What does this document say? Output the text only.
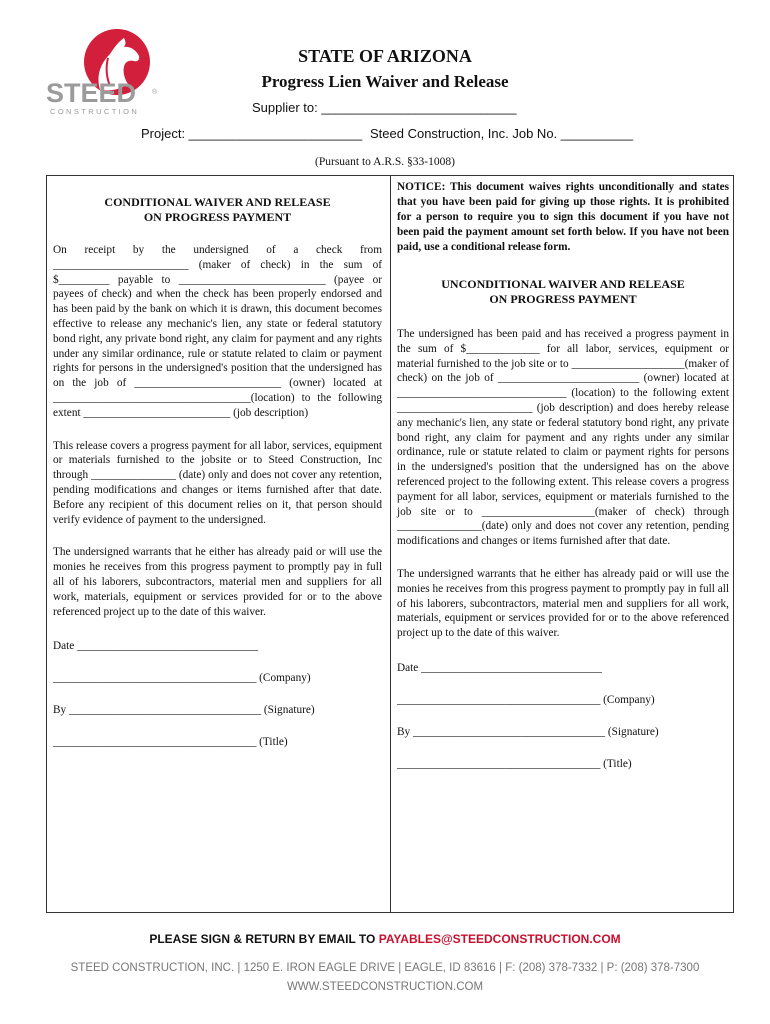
STEED ®
CONSTRUCTION
STATE OF ARIZONA
Progress Lien Waiver and Release
Supplier to: ___________________________
Project: ________________________ Steed Construction, Inc. Job No. __________
(Pursuant to A.R.S. §33-1008)
CONDITIONAL WAIVER AND RELEASE
ON PROGRESS PAYMENT

On receipt by the undersigned of a check from ________________________ (maker of check) in the sum of $_________ payable to __________________________ (payee or payees of check) and when the check has been properly endorsed and has been paid by the bank on which it is drawn, this document becomes effective to release any mechanic's lien, any state or federal statutory bond right, any private bond right, any claim for payment and any rights under any similar ordinance, rule or statute related to claim or payment rights for persons in the undersigned's position that the undersigned has on the job of __________________________ (owner) located at ___________________________________(location) to the following extent __________________________ (job description)

This release covers a progress payment for all labor, services, equipment or materials furnished to the jobsite or to Steed Construction, Inc through _______________ (date) only and does not cover any retention, pending modifications and changes or items furnished after that date. Before any recipient of this document relies on it, that person should verify evidence of payment to the undersigned.

The undersigned warrants that he either has already paid or will use the monies he receives from this progress payment to promptly pay in full all of his laborers, subcontractors, material men and suppliers for all work, materials, equipment or services provided for or to the above referenced project up to the date of this waiver.

Date ________________________________

____________________________________ (Company)

By __________________________________ (Signature)

____________________________________ (Title)

NOTICE: This document waives rights unconditionally and states that you have been paid for giving up those rights. It is prohibited for a person to require you to sign this document if you have not been paid the payment amount set forth below. If you have not been paid, use a conditional release form.

UNCONDITIONAL WAIVER AND RELEASE
ON PROGRESS PAYMENT

The undersigned has been paid and has received a progress payment in the sum of $_____________ for all labor, services, equipment or material furnished to the job site or to ____________________(maker of check) on the job of _________________________ (owner) located at ______________________________ (location) to the following extent ________________________ (job description) and does hereby release any mechanic's lien, any state or federal statutory bond right, any private bond right, any claim for payment and any rights under any similar ordinance, rule or statute related to claim or payment rights for persons in the undersigned's position that the undersigned has on the above referenced project to the following extent. This release covers a progress payment for all labor, services, equipment or materials furnished to the job site or to ____________________(maker of check) through _______________(date) only and does not cover any retention, pending modifications and changes or items furnished after that date.

The undersigned warrants that he either has already paid or will use the monies he receives from this progress payment to promptly pay in full all of his laborers, subcontractors, material men and suppliers for all work, materials, equipment or services provided for or to the above referenced project up to the date of this waiver.

Date ________________________________

____________________________________ (Company)

By __________________________________ (Signature)

____________________________________ (Title)

PLEASE SIGN & RETURN BY EMAIL TO PAYABLES@STEEDCONSTRUCTION.COM
STEED CONSTRUCTION, INC. | 1250 E. IRON EAGLE DRIVE | EAGLE, ID 83616 | F: (208) 378-7332 | P: (208) 378-7300
WWW.STEEDCONSTRUCTION.COM
